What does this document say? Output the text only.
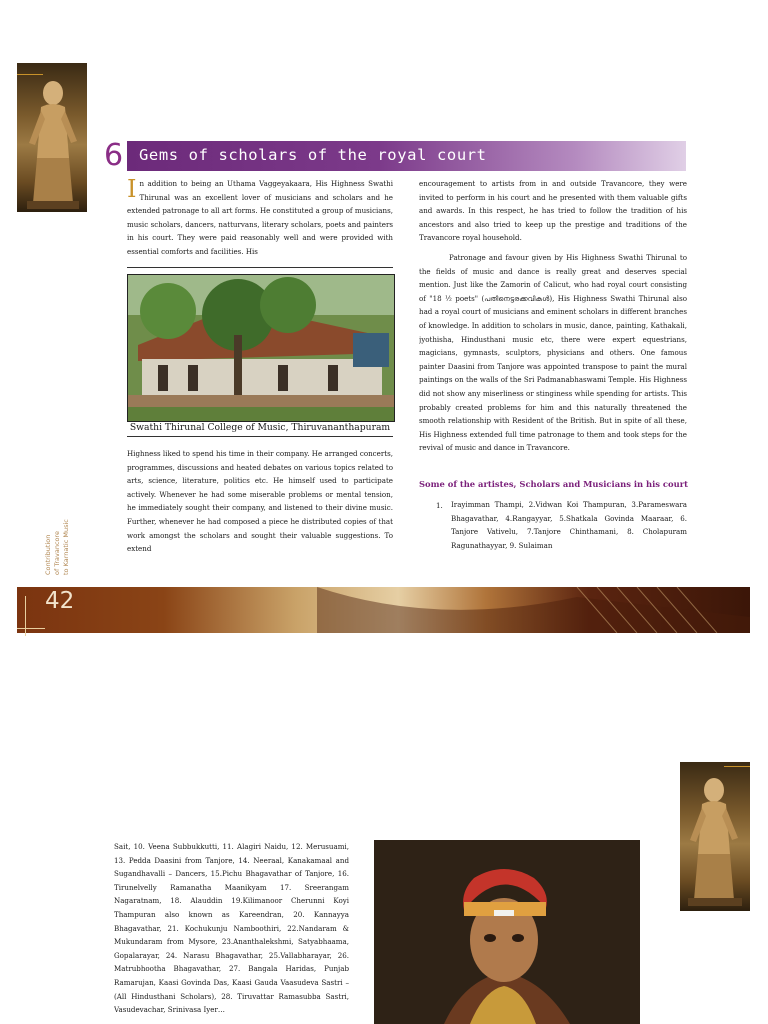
6 Gems of scholars of the royal court

In addition to being an Uthama Vaggeyakaara, His Highness Swathi Thirunal was an excellent lover of musicians and scholars and he extended patronage to all art forms. He constituted a group of musicians, music scholars, dancers, natturvans, literary scholars, poets and painters in his court. They were paid reasonably well and were provided with essential comforts and facilities. His

Swathi Thirunal College of Music, Thiruvananthapuram

Highness liked to spend his time in their company. He arranged concerts, programmes, discussions and heated debates on various topics related to arts, science, literature, politics etc. He himself used to participate actively. Whenever he had some miserable problems or mental tension, he immediately sought their company, and listened to their divine music. Further, whenever he had composed a piece he distributed copies of that work amongst the scholars and sought their valuable suggestions. To extend

encouragement to artists from in and outside Travancore, they were invited to perform in his court and he presented with them valuable gifts and awards. In this respect, he has tried to follow the tradition of his ancestors and also tried to keep up the prestige and traditions of the Travancore royal household.

Patronage and favour given by His Highness Swathi Thirunal to the fields of music and dance is really great and deserves special mention. Just like the Zamorin of Calicut, who had royal court consisting of "18 ½ poets" (പതിനെട്ടരക്കവികൾ), His Highness Swathi Thirunal also had a royal court of musicians and eminent scholars in different branches of knowledge. In addition to scholars in music, dance, painting, Kathakali, jyothisha, Hindusthani music etc, there were expert equestrians, magicians, gymnasts, sculptors, physicians and others. One famous painter Daasini from Tanjore was appointed transpose to paint the mural paintings on the walls of the Sri Padmanabhaswami Temple. His Highness did not show any miserliness or stinginess while spending for artists. This probably created problems for him and this naturally threatened the smooth relationship with Resident of the British. But in spite of all these, His Highness extended full time patronage to them and took steps for the revival of music and dance in Travancore.

Some of the artistes, Scholars and Musicians in his court
1. Irayimman Thampi, 2.Vidwan Koi Thampuran, 3.Parameswara Bhagavathar, 4.Rangayyar, 5.Shatkala Govinda Maaraar, 6. Tanjore Vativelu, 7.Tanjore Chinthamani, 8. Cholapuram Ragunathayyar, 9. Sulaiman

Contribution of Travancore to Karnatic Music
42

Sait, 10. Veena Subbukkutti, 11. Alagiri Naidu, 12. Merusuami, 13. Pedda Daasini from Tanjore, 14. Neeraal, Kanakamaal and Sugandhavalli – Dancers, 15.Pichu Bhagavathar of Tanjore, 16. Tirunelvelly Ramanatha Maanikyam 17. Sreerangam Nagaratnam, 18. Alauddin 19.Kilimanoor Cherunni Koyi Thampuran also known as Kareendran, 20. Kannayya Bhagavathar, 21. Kochukunju Namboothiri, 22.Nandaram & Mukundaram from Mysore, 23.Ananthalekshmi, Satyabhaama, Gopalarayar, 24. Narasu Bhagavathar, 25.Vallabharayar, 26. Matrubhootha Bhagavathar, 27. Bangala Haridas, Punjab Ramarujan, Kaasi Govinda Das, Kaasi Gauda Vaasudeva Sastri – (All Hindusthani Scholars), 28. Tiruvattar Ramasubba Sastri, Vasudevachar, Srinivasa Iyer…
